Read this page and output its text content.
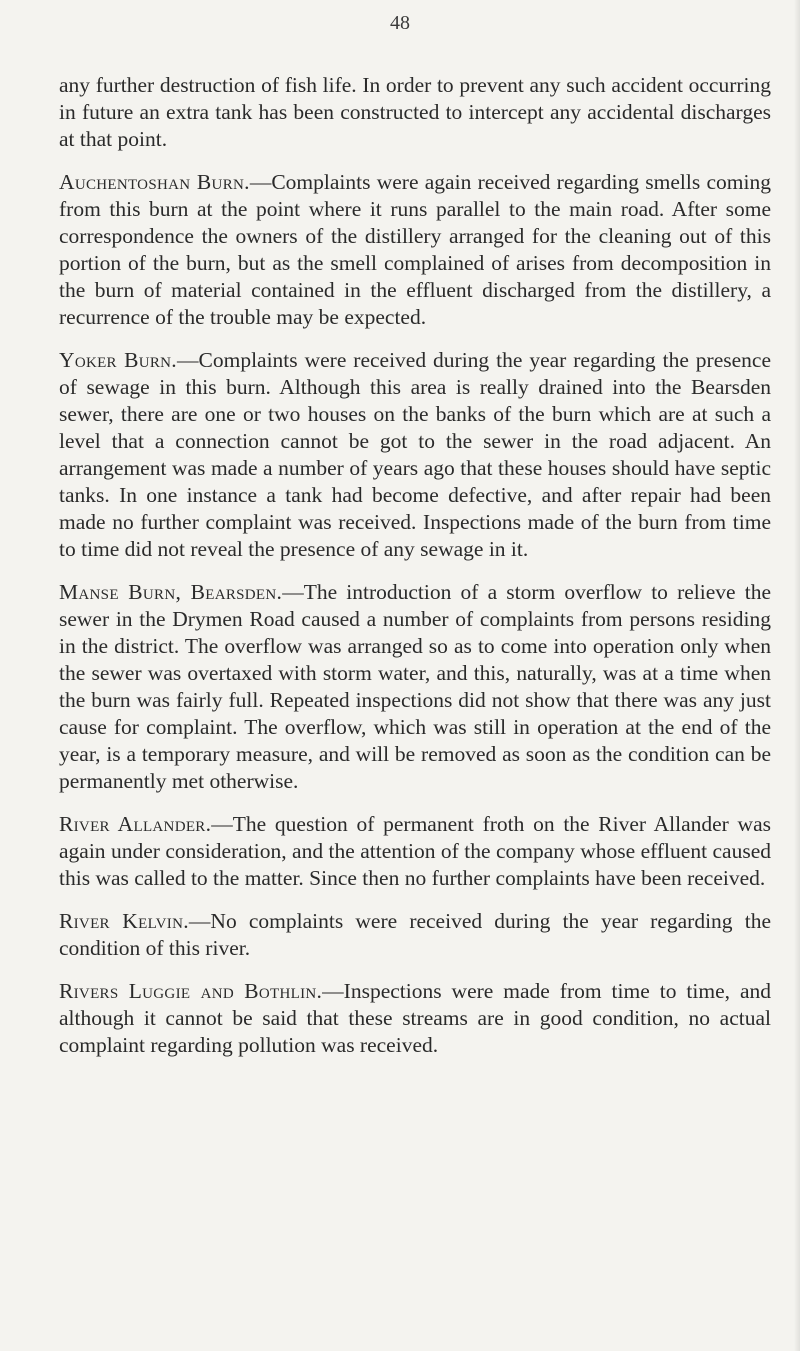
48

any further destruction of fish life. In order to prevent any such accident occurring in future an extra tank has been constructed to intercept any accidental discharges at that point.

Auchentoshan Burn.—Complaints were again received regarding smells coming from this burn at the point where it runs parallel to the main road. After some correspondence the owners of the distillery arranged for the cleaning out of this portion of the burn, but as the smell complained of arises from decomposition in the burn of material contained in the effluent discharged from the distillery, a recurrence of the trouble may be expected.

Yoker Burn.—Complaints were received during the year regarding the presence of sewage in this burn. Although this area is really drained into the Bearsden sewer, there are one or two houses on the banks of the burn which are at such a level that a connection cannot be got to the sewer in the road adjacent. An arrangement was made a number of years ago that these houses should have septic tanks. In one instance a tank had become defective, and after repair had been made no further complaint was received. Inspections made of the burn from time to time did not reveal the presence of any sewage in it.

Manse Burn, Bearsden.—The introduction of a storm overflow to relieve the sewer in the Drymen Road caused a number of complaints from persons residing in the district. The overflow was arranged so as to come into operation only when the sewer was overtaxed with storm water, and this, naturally, was at a time when the burn was fairly full. Repeated inspections did not show that there was any just cause for complaint. The overflow, which was still in operation at the end of the year, is a temporary measure, and will be removed as soon as the condition can be permanently met otherwise.

River Allander.—The question of permanent froth on the River Allander was again under consideration, and the attention of the company whose effluent caused this was called to the matter. Since then no further complaints have been received.

River Kelvin.—No complaints were received during the year regarding the condition of this river.

Rivers Luggie and Bothlin.—Inspections were made from time to time, and although it cannot be said that these streams are in good condition, no actual complaint regarding pollution was received.
